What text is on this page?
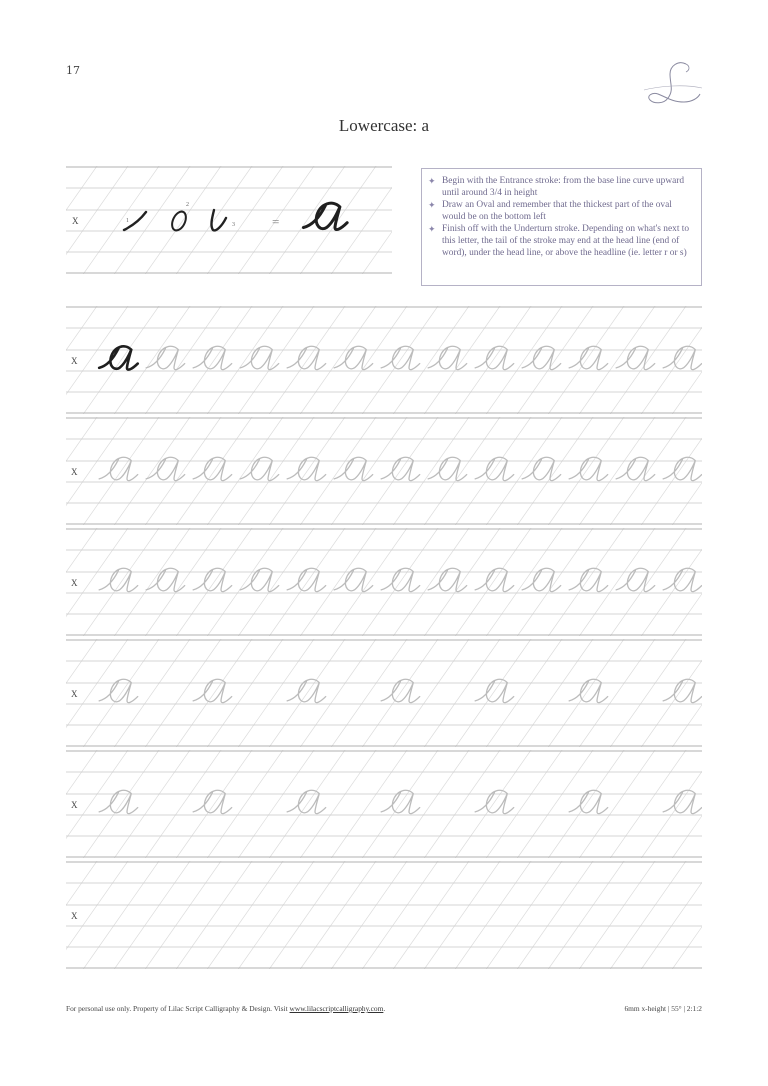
17
Lowercase: a
X	1
2
3	=
✦ Begin with the Entrance stroke: from the base line curve upward until around 3/4 in height
✦ Draw an Oval and remember that the thickest part of the oval would be on the bottom left
✦ Finish off with the Underturn stroke. Depending on what's next to this letter, the tail of the stroke may end at the head line (end of word), under the head line, or above the headline (ie. letter r or s)
X
X
X
X
X
X
For personal use only. Property of Lilac Script Calligraphy & Design. Visit www.lilacscriptcalligraphy.com.	6mm x-height | 55° | 2:1:2
